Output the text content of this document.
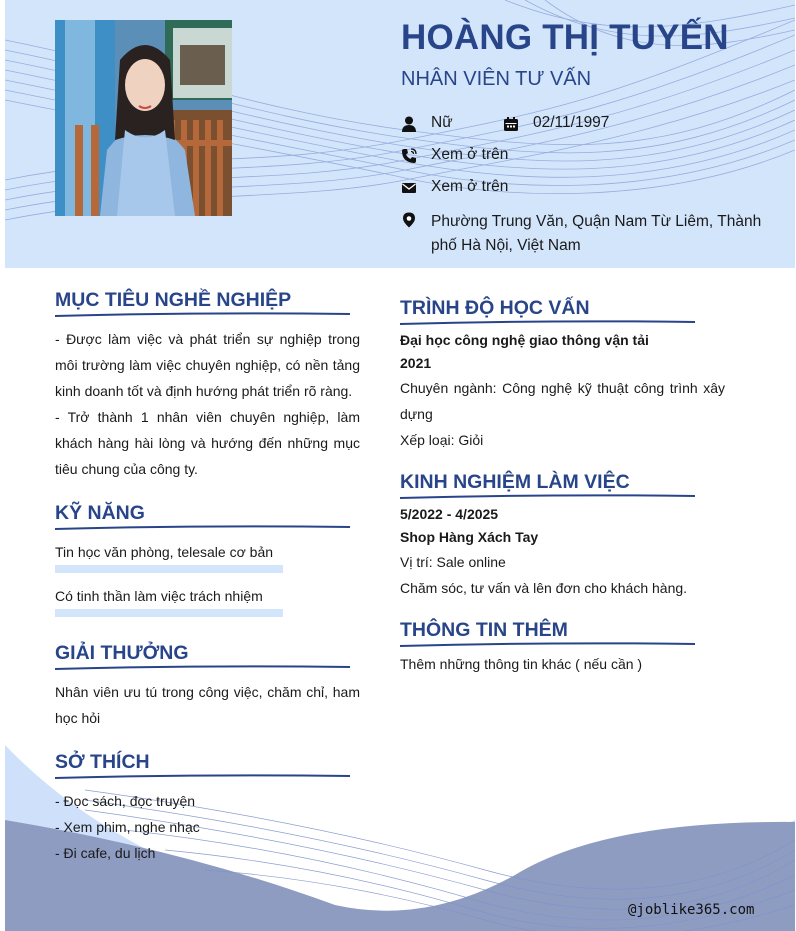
HOÀNG THỊ TUYẾN
NHÂN VIÊN TƯ VẤN
Nữ	02/11/1997
Xem ở trên
Xem ở trên
Phường Trung Văn, Quận Nam Từ Liêm, Thành phố Hà Nội, Việt Nam
MỤC TIÊU NGHỀ NGHIỆP
- Được làm việc và phát triển sự nghiệp trong môi trường làm việc chuyên nghiệp, có nền tảng kinh doanh tốt và định hướng phát triển rõ ràng.
- Trở thành 1 nhân viên chuyên nghiệp, làm khách hàng hài lòng và hướng đến những mục tiêu chung của công ty.
KỸ NĂNG
Tin học văn phòng, telesale cơ bản
Có tinh thần làm việc trách nhiệm
GIẢI THƯỞNG
Nhân viên ưu tú trong công việc, chăm chỉ, ham học hỏi
SỞ THÍCH
- Đọc sách, đọc truyện
- Xem phim, nghe nhạc
- Đi cafe, du lịch
TRÌNH ĐỘ HỌC VẤN
Đại học công nghệ giao thông vận tải
2021
Chuyên ngành: Công nghệ kỹ thuật công trình xây dựng
Xếp loại: Giỏi
KINH NGHIỆM LÀM VIỆC
5/2022 - 4/2025
Shop Hàng Xách Tay
Vị trí: Sale online
Chăm sóc, tư vấn và lên đơn cho khách hàng.
THÔNG TIN THÊM
Thêm những thông tin khác ( nếu cần )
@joblike365.com
